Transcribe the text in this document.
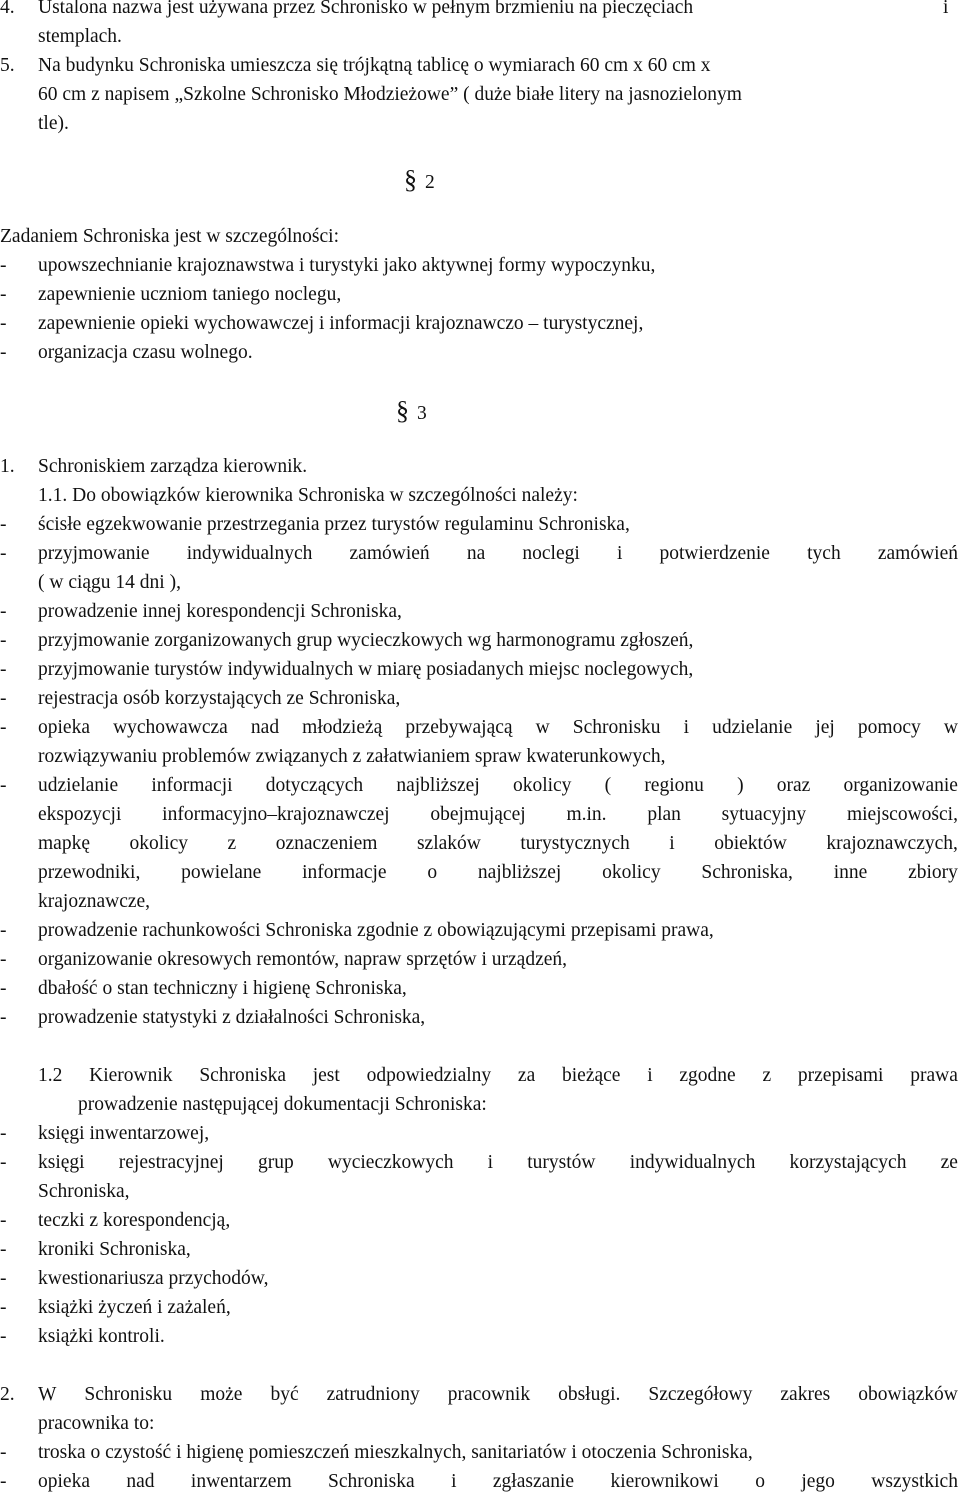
4. Ustalona nazwa jest używana przez Schronisko w pełnym brzmieniu na pieczęciach	i
stemplach.
5. Na budynku Schroniska umieszcza się trójkątną tablicę o wymiarach 60 cm x 60 cm x
60 cm z napisem „Szkolne Schronisko Młodzieżowe” ( duże białe litery na jasnozielonym
tle).
§ 2
Zadaniem Schroniska jest w szczególności:
- upowszechnianie krajoznawstwa i turystyki jako aktywnej formy wypoczynku,
- zapewnienie uczniom taniego noclegu,
- zapewnienie opieki wychowawczej i informacji krajoznawczo – turystycznej,
- organizacja czasu wolnego.
§ 3
1. Schroniskiem zarządza kierownik.
1.1. Do obowiązków kierownika Schroniska w szczególności należy:
- ścisłe egzekwowanie przestrzegania przez turystów regulaminu Schroniska,
- przyjmowanie indywidualnych zamówień na noclegi i potwierdzenie tych zamówień
( w ciągu 14 dni ),
- prowadzenie innej korespondencji Schroniska,
- przyjmowanie zorganizowanych grup wycieczkowych wg harmonogramu zgłoszeń,
- przyjmowanie turystów indywidualnych w miarę posiadanych miejsc noclegowych,
- rejestracja osób korzystających ze Schroniska,
- opieka wychowawcza nad młodzieżą przebywającą w Schronisku i udzielanie jej pomocy w
rozwiązywaniu problemów związanych z załatwianiem spraw kwaterunkowych,
- udzielanie informacji dotyczących najbliższej okolicy ( regionu ) oraz organizowanie
ekspozycji informacyjno–krajoznawczej obejmującej m.in. plan sytuacyjny miejscowości,
mapkę okolicy z oznaczeniem szlaków turystycznych i obiektów krajoznawczych,
przewodniki, powielane informacje o najbliższej okolicy Schroniska, inne zbiory
krajoznawcze,
- prowadzenie rachunkowości Schroniska zgodnie z obowiązującymi przepisami prawa,
- organizowanie okresowych remontów, napraw sprzętów i urządzeń,
- dbałość o stan techniczny i higienę Schroniska,
- prowadzenie statystyki z działalności Schroniska,
1.2 Kierownik Schroniska jest odpowiedzialny za bieżące i zgodne z przepisami prawa
prowadzenie następującej dokumentacji Schroniska:
- księgi inwentarzowej,
- księgi rejestracyjnej grup wycieczkowych i turystów indywidualnych korzystających ze
Schroniska,
- teczki z korespondencją,
- kroniki Schroniska,
- kwestionariusza przychodów,
- książki życzeń i zażaleń,
- książki kontroli.
2. W Schronisku może być zatrudniony pracownik obsługi. Szczegółowy zakres obowiązków
pracownika to:
- troska o czystość i higienę pomieszczeń mieszkalnych, sanitariatów i otoczenia Schroniska,
- opieka nad inwentarzem Schroniska i zgłaszanie kierownikowi o jego wszystkich
